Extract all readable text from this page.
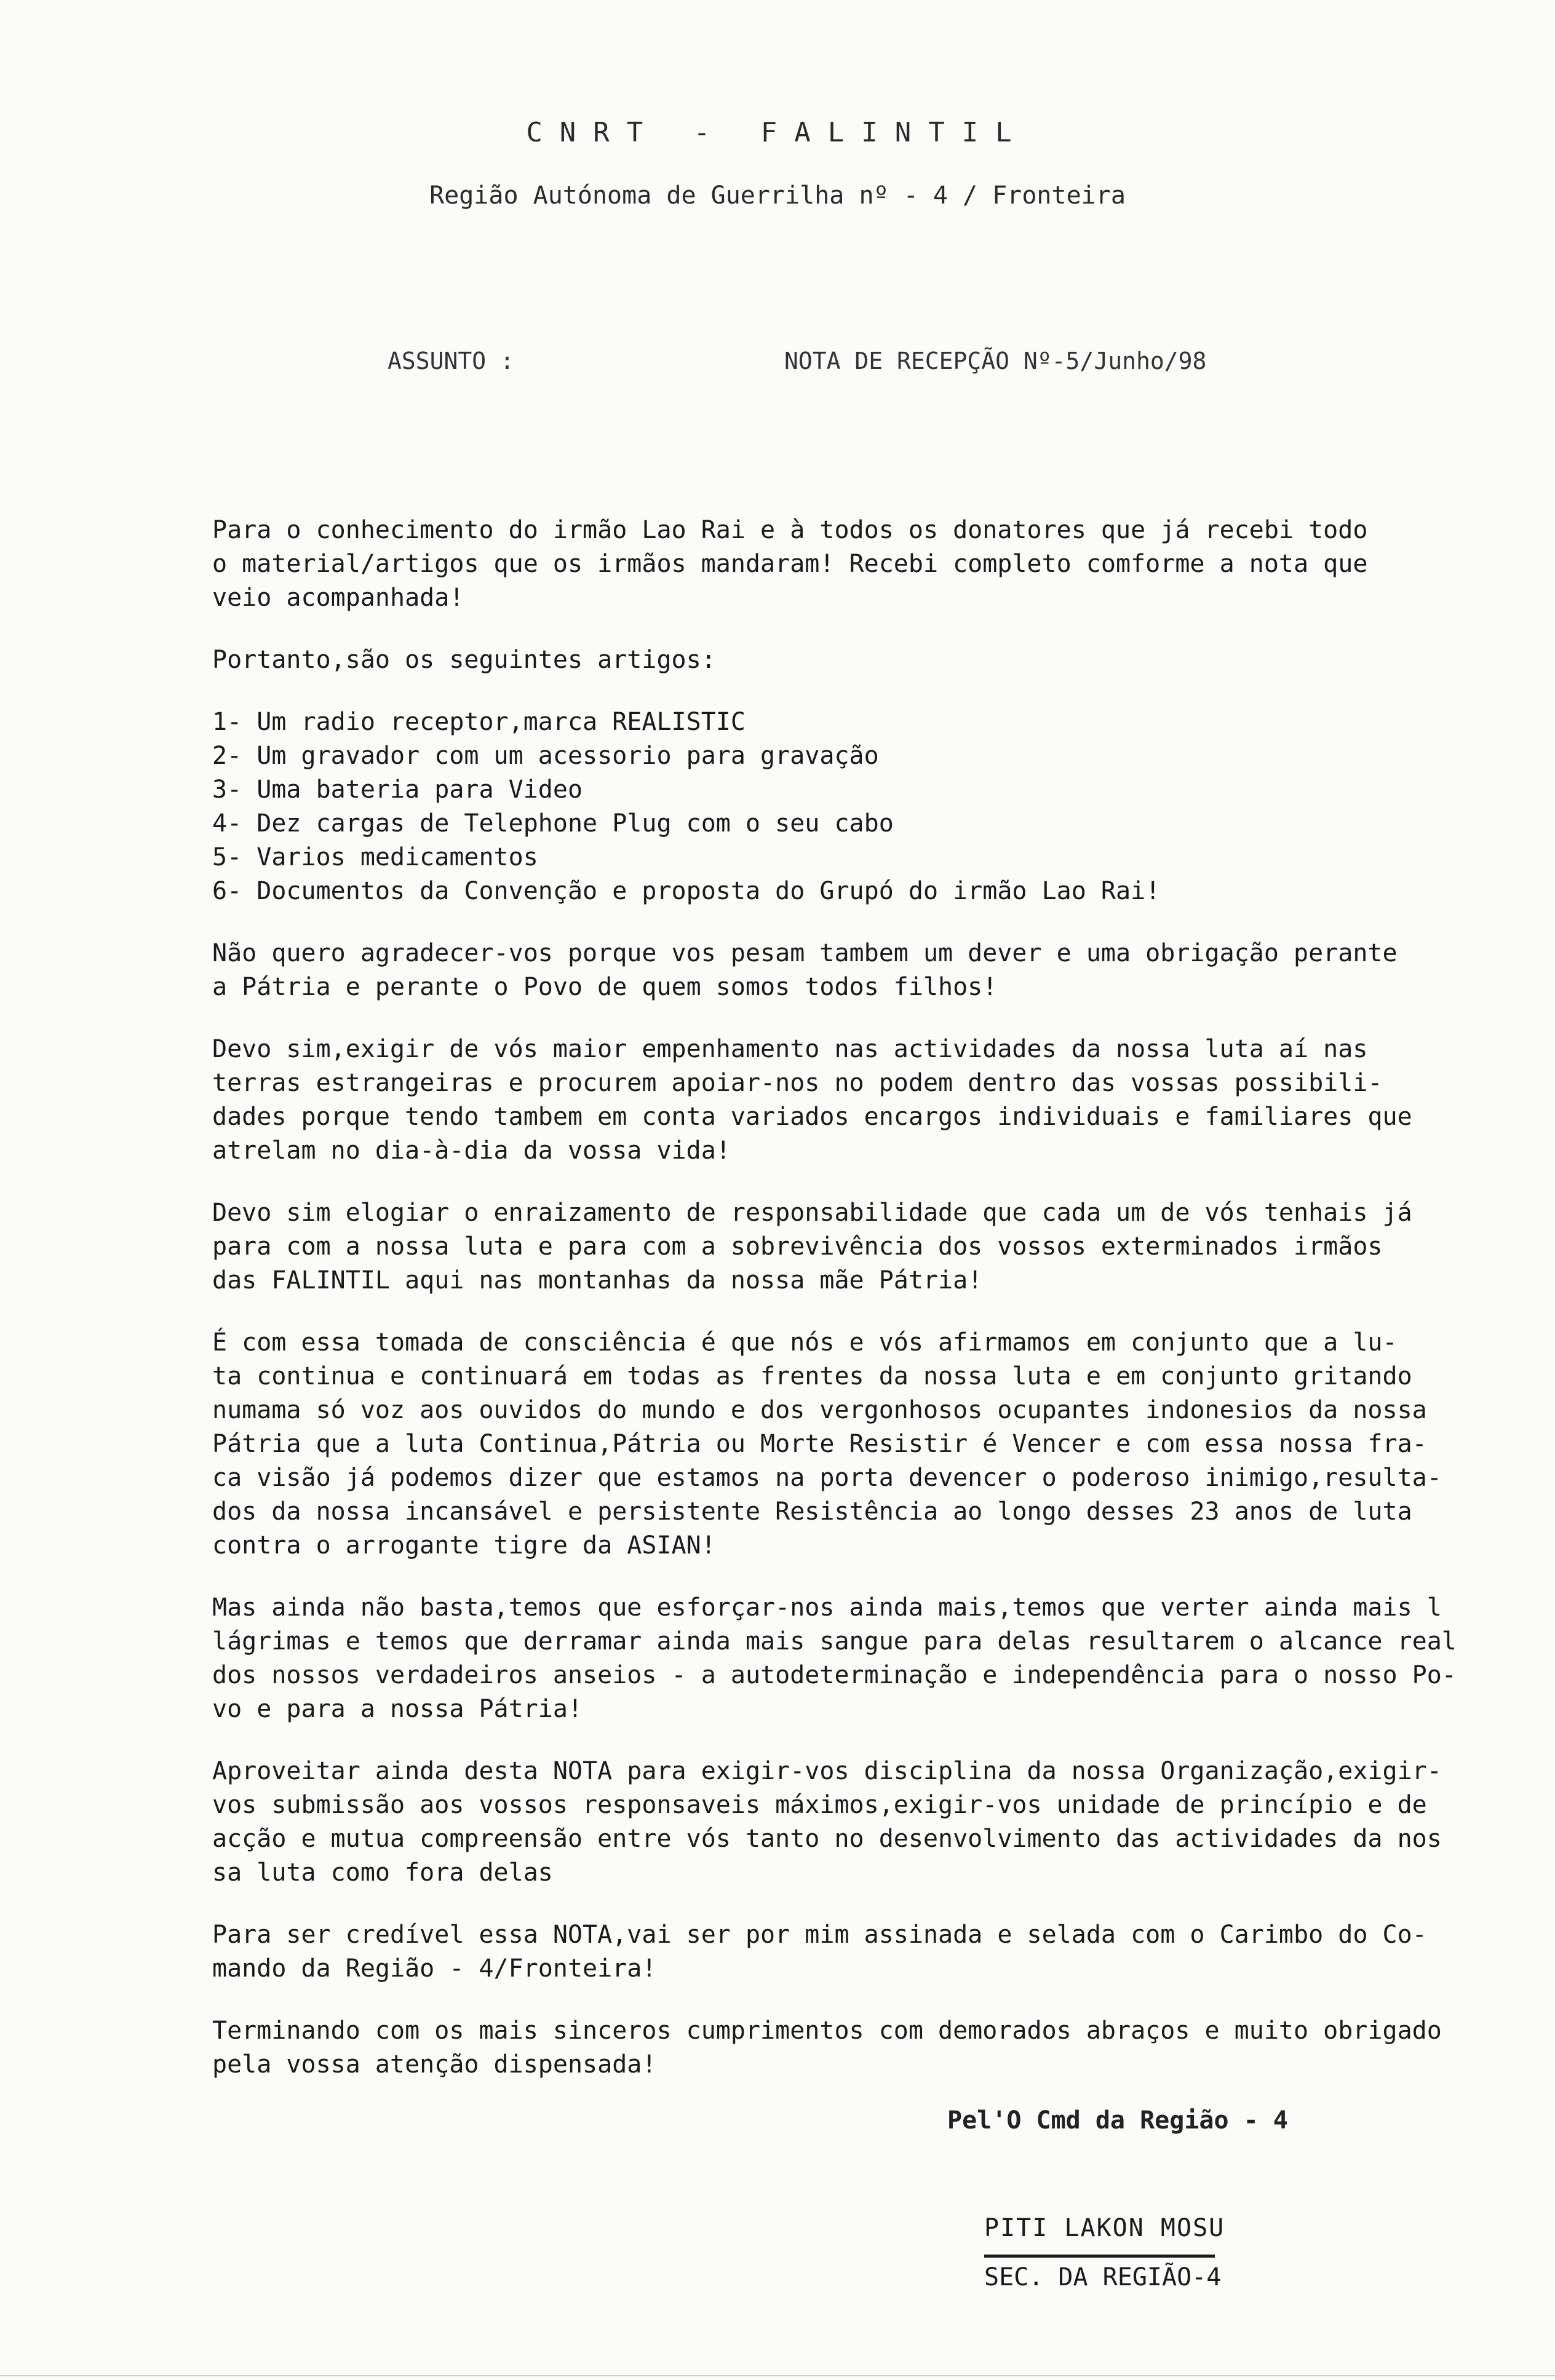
CNRT - FALINTIL
Região Autónoma de Guerrilha nº - 4 / Fronteira
ASSUNTO :	NOTA DE RECEPÇÃO Nº-5/Junho/98

Para o conhecimento do irmão Lao Rai e à todos os donatores que já recebi todo
o material/artigos que os irmãos mandaram! Recebi completo comforme a nota que
veio acompanhada!

Portanto,são os seguintes artigos:

1- Um radio receptor,marca REALISTIC
2- Um gravador com um acessorio para gravação
3- Uma bateria para Video
4- Dez cargas de Telephone Plug com o seu cabo
5- Varios medicamentos
6- Documentos da Convenção e proposta do Grupó do irmão Lao Rai!

Não quero agradecer-vos porque vos pesam tambem um dever e uma obrigação perante
a Pátria e perante o Povo de quem somos todos filhos!

Devo sim,exigir de vós maior empenhamento nas actividades da nossa luta aí nas
terras estrangeiras e procurem apoiar-nos no podem dentro das vossas possibili-
dades porque tendo tambem em conta variados encargos individuais e familiares que
atrelam no dia-à-dia da vossa vida!

Devo sim elogiar o enraizamento de responsabilidade que cada um de vós tenhais já
para com a nossa luta e para com a sobrevivência dos vossos exterminados irmãos
das FALINTIL aqui nas montanhas da nossa mãe Pátria!

É com essa tomada de consciência é que nós e vós afirmamos em conjunto que a lu-
ta continua e continuará em todas as frentes da nossa luta e em conjunto gritando
numama só voz aos ouvidos do mundo e dos vergonhosos ocupantes indonesios da nossa
Pátria que a luta Continua,Pátria ou Morte Resistir é Vencer e com essa nossa fra-
ca visão já podemos dizer que estamos na porta devencer o poderoso inimigo,resulta-
dos da nossa incansável e persistente Resistência ao longo desses 23 anos de luta
contra o arrogante tigre da ASIAN!

Mas ainda não basta,temos que esforçar-nos ainda mais,temos que verter ainda mais l
lágrimas e temos que derramar ainda mais sangue para delas resultarem o alcance real
dos nossos verdadeiros anseios - a autodeterminação e independência para o nosso Po-
vo e para a nossa Pátria!

Aproveitar ainda desta NOTA para exigir-vos disciplina da nossa Organização,exigir-
vos submissão aos vossos responsaveis máximos,exigir-vos unidade de princípio e de
acção e mutua compreensão entre vós tanto no desenvolvimento das actividades da nos
sa luta como fora delas

Para ser credível essa NOTA,vai ser por mim assinada e selada com o Carimbo do Co-
mando da Região - 4/Fronteira!

Terminando com os mais sinceros cumprimentos com demorados abraços e muito obrigado
pela vossa atenção dispensada!

Pel'O Cmd da Região - 4
PITI LAKON MOSU
SEC. DA REGIÃO-4
